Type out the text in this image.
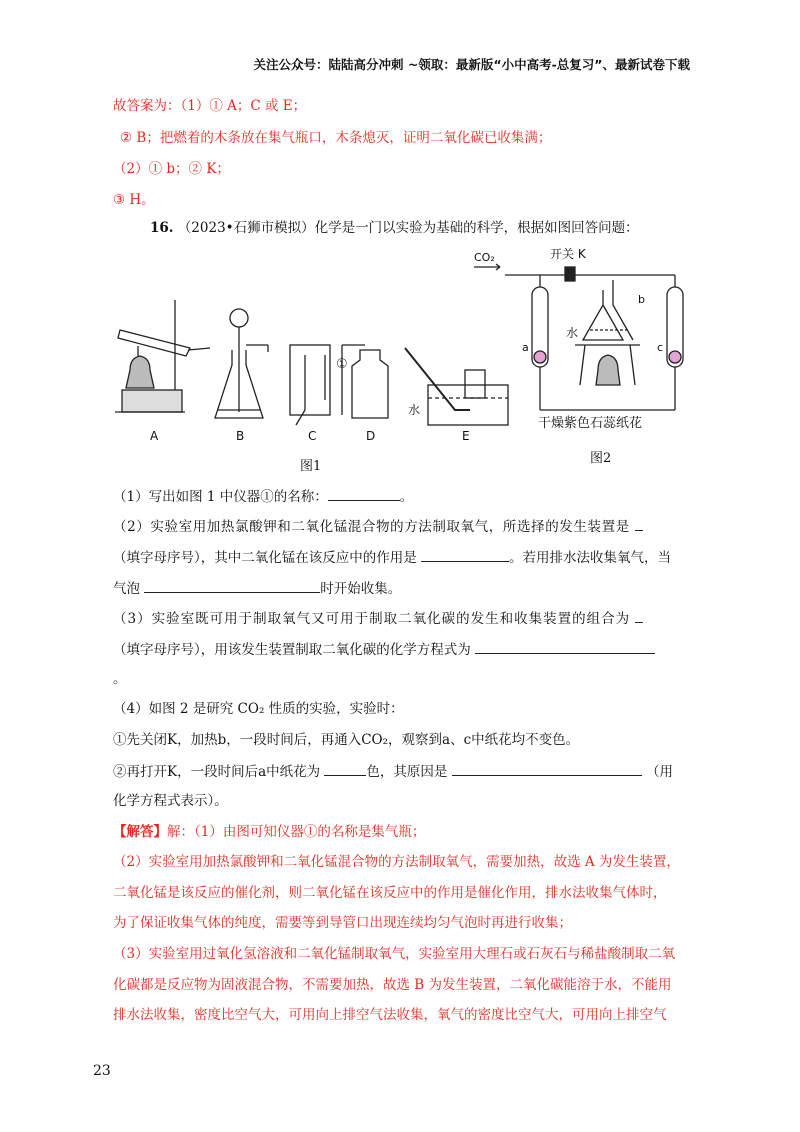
关注公众号：陆陆高分冲刺 ~领取：最新版“小中高考-总复习”、最新试卷下载
故答案为：（1）① A；C 或 E；
② B；把燃着的木条放在集气瓶口，木条熄灭，证明二氧化碳已收集满；
（2）① b；② K；
③ H。
16. （2023•石狮市模拟）化学是一门以实验为基础的科学，根据如图回答问题：
①
水
A	B	C	D	E
图1
CO₂	开关 K
a
b
c
水
干燥紫色石蕊纸花
图2
（1）写出如图 1 中仪器①的名称：	。
（2）实验室用加热氯酸钾和二氧化锰混合物的方法制取氧气，所选择的发生装置是
（填字母序号），其中二氧化锰在该反应中的作用是	。若用排水法收集氧气，当
气泡	时开始收集。
（3）实验室既可用于制取氧气又可用于制取二氧化碳的发生和收集装置的组合为
（填字母序号），用该发生装置制取二氧化碳的化学方程式为
。
（4）如图 2 是研究 CO₂ 性质的实验，实验时：
①先关闭K，加热b，一段时间后，再通入CO₂，观察到a、c中纸花均不变色。
②再打开K，一段时间后a中纸花为	色，其原因是	（用
化学方程式表示）。
【解答】解：（1）由图可知仪器①的名称是集气瓶；
（2）实验室用加热氯酸钾和二氧化锰混合物的方法制取氧气，需要加热，故选 A 为发生装置，
二氧化锰是该反应的催化剂，则二氧化锰在该反应中的作用是催化作用，排水法收集气体时，
为了保证收集气体的纯度，需要等到导管口出现连续均匀气泡时再进行收集；
（3）实验室用过氧化氢溶液和二氧化锰制取氧气，实验室用大理石或石灰石与稀盐酸制取二氧
化碳都是反应物为固液混合物，不需要加热，故选 B 为发生装置，二氧化碳能溶于水，不能用
排水法收集，密度比空气大，可用向上排空气法收集，氧气的密度比空气大，可用向上排空气
23
